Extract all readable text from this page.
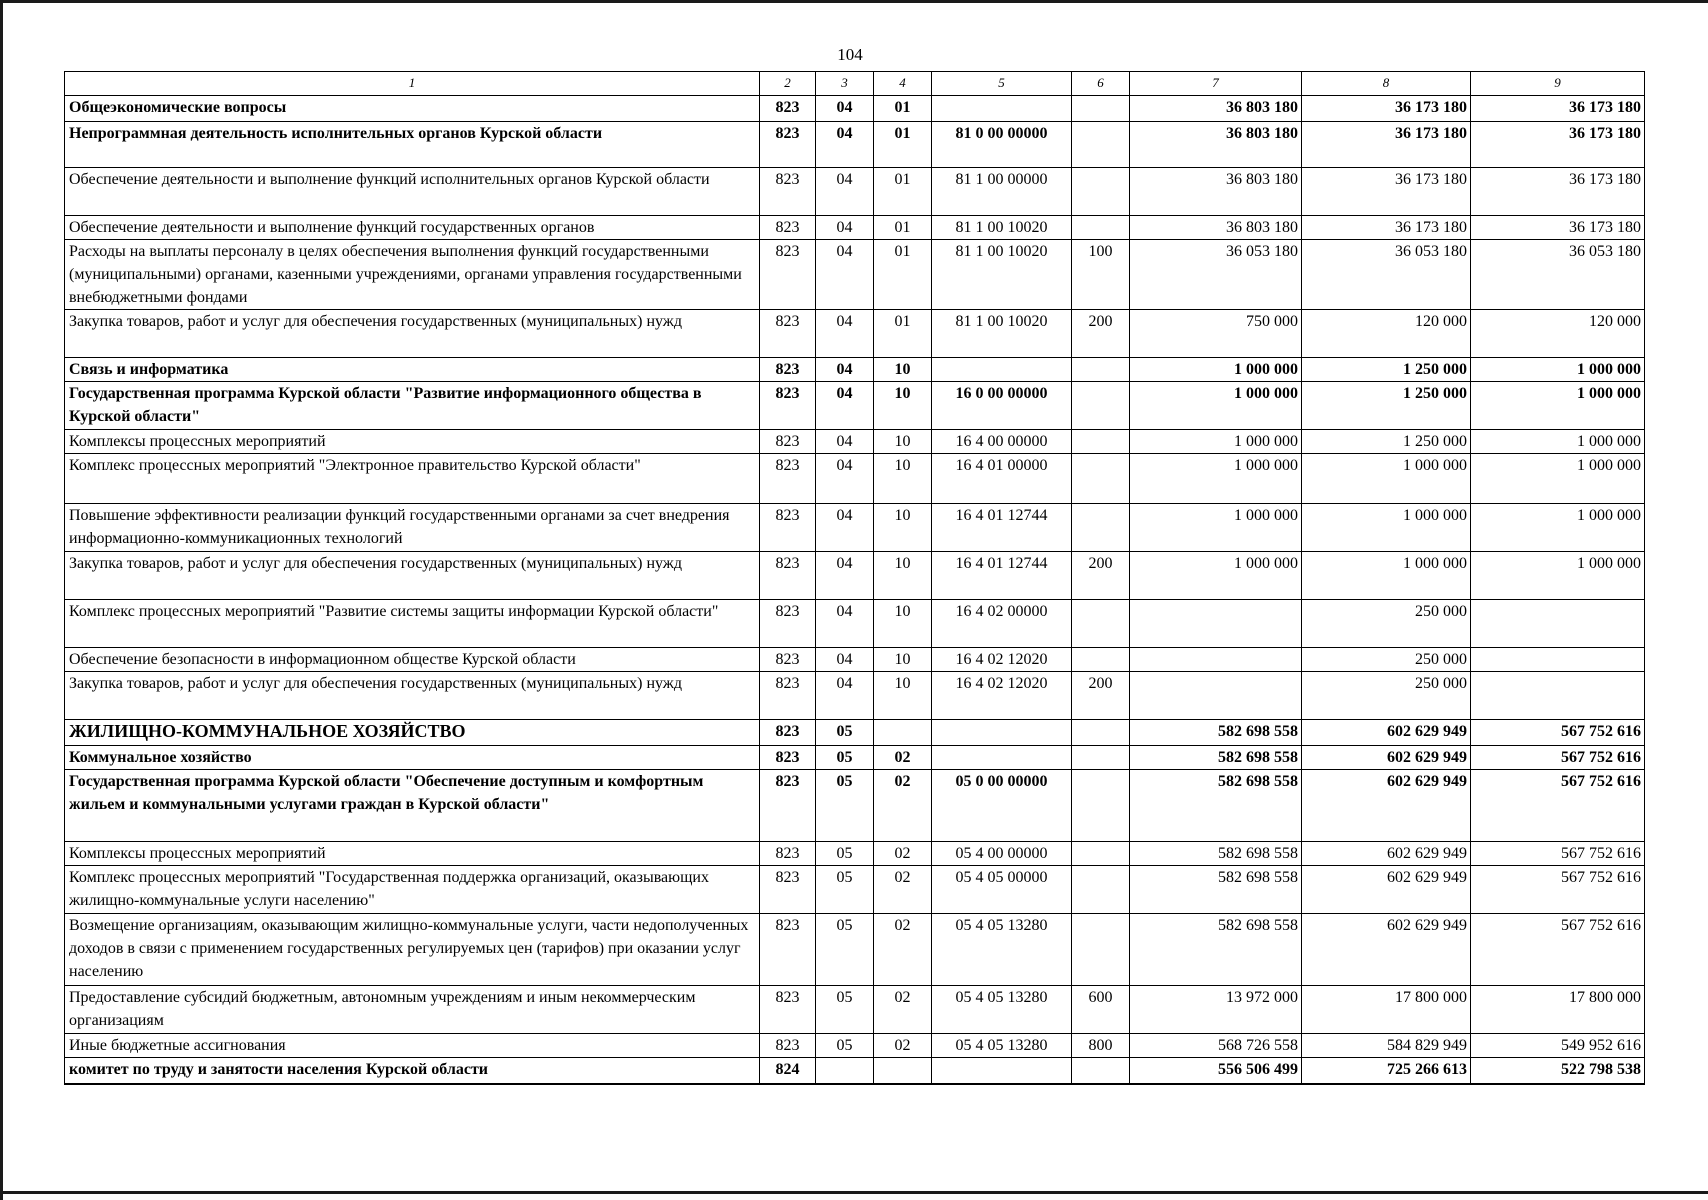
104
1	2	3	4	5	6	7	8	9
Общеэкономические вопросы	823	04	01			36 803 180	36 173 180	36 173 180
Непрограммная деятельность исполнительных органов Курской области	823	04	01	81 0 00 00000		36 803 180	36 173 180	36 173 180
Обеспечение деятельности и выполнение функций исполнительных органов Курской области	823	04	01	81 1 00 00000		36 803 180	36 173 180	36 173 180
Обеспечение деятельности и выполнение функций государственных органов	823	04	01	81 1 00 10020		36 803 180	36 173 180	36 173 180
Расходы на выплаты персоналу в целях обеспечения выполнения функций государственными (муниципальными) органами, казенными учреждениями, органами управления государственными внебюджетными фондами	823	04	01	81 1 00 10020	100	36 053 180	36 053 180	36 053 180
Закупка товаров, работ и услуг для обеспечения государственных (муниципальных) нужд	823	04	01	81 1 00 10020	200	750 000	120 000	120 000
Связь и информатика	823	04	10			1 000 000	1 250 000	1 000 000
Государственная программа Курской области "Развитие информационного общества в Курской области"	823	04	10	16 0 00 00000		1 000 000	1 250 000	1 000 000
Комплексы процессных мероприятий	823	04	10	16 4 00 00000		1 000 000	1 250 000	1 000 000
Комплекс процессных мероприятий "Электронное правительство Курской области"	823	04	10	16 4 01 00000		1 000 000	1 000 000	1 000 000
Повышение эффективности реализации функций государственными органами за счет внедрения информационно-коммуникационных технологий	823	04	10	16 4 01 12744		1 000 000	1 000 000	1 000 000
Закупка товаров, работ и услуг для обеспечения государственных (муниципальных) нужд	823	04	10	16 4 01 12744	200	1 000 000	1 000 000	1 000 000
Комплекс процессных мероприятий "Развитие системы защиты информации Курской области"	823	04	10	16 4 02 00000			250 000	
Обеспечение безопасности в информационном обществе Курской области	823	04	10	16 4 02 12020			250 000	
Закупка товаров, работ и услуг для обеспечения государственных (муниципальных) нужд	823	04	10	16 4 02 12020	200		250 000	
ЖИЛИЩНО-КОММУНАЛЬНОЕ ХОЗЯЙСТВО	823	05				582 698 558	602 629 949	567 752 616
Коммунальное хозяйство	823	05	02			582 698 558	602 629 949	567 752 616
Государственная программа Курской области "Обеспечение доступным и комфортным жильем и коммунальными услугами граждан в Курской области"	823	05	02	05 0 00 00000		582 698 558	602 629 949	567 752 616
Комплексы процессных мероприятий	823	05	02	05 4 00 00000		582 698 558	602 629 949	567 752 616
Комплекс процессных мероприятий "Государственная поддержка организаций, оказывающих жилищно-коммунальные услуги населению"	823	05	02	05 4 05 00000		582 698 558	602 629 949	567 752 616
Возмещение организациям, оказывающим жилищно-коммунальные услуги, части недополученных доходов в связи с применением государственных регулируемых цен (тарифов) при оказании услуг населению	823	05	02	05 4 05 13280		582 698 558	602 629 949	567 752 616
Предоставление субсидий бюджетным, автономным учреждениям и иным некоммерческим организациям	823	05	02	05 4 05 13280	600	13 972 000	17 800 000	17 800 000
Иные бюджетные ассигнования	823	05	02	05 4 05 13280	800	568 726 558	584 829 949	549 952 616
комитет по труду и занятости населения Курской области	824					556 506 499	725 266 613	522 798 538
